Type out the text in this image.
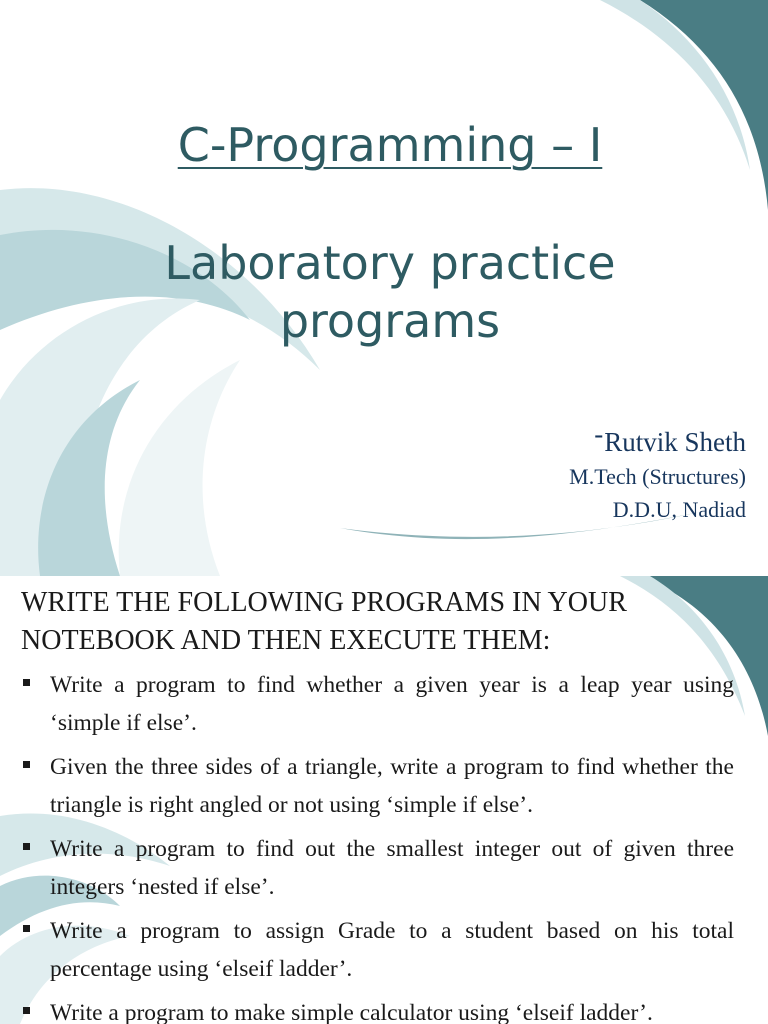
C-Programming – I
Laboratory practice
programs
-Rutvik Sheth
M.Tech (Structures)
D.D.U, Nadiad
WRITE THE FOLLOWING PROGRAMS IN YOUR NOTEBOOK AND THEN EXECUTE THEM:
Write a program to find whether a given year is a leap year using ‘simple if else’.
Given the three sides of a triangle, write a program to find whether the triangle is right angled or not using ‘simple if else’.
Write a program to find out the smallest integer out of given three integers ‘nested if else’.
Write a program to assign Grade to a student based on his total percentage using ‘elseif ladder’.
Write a program to make simple calculator using ‘elseif ladder’.
